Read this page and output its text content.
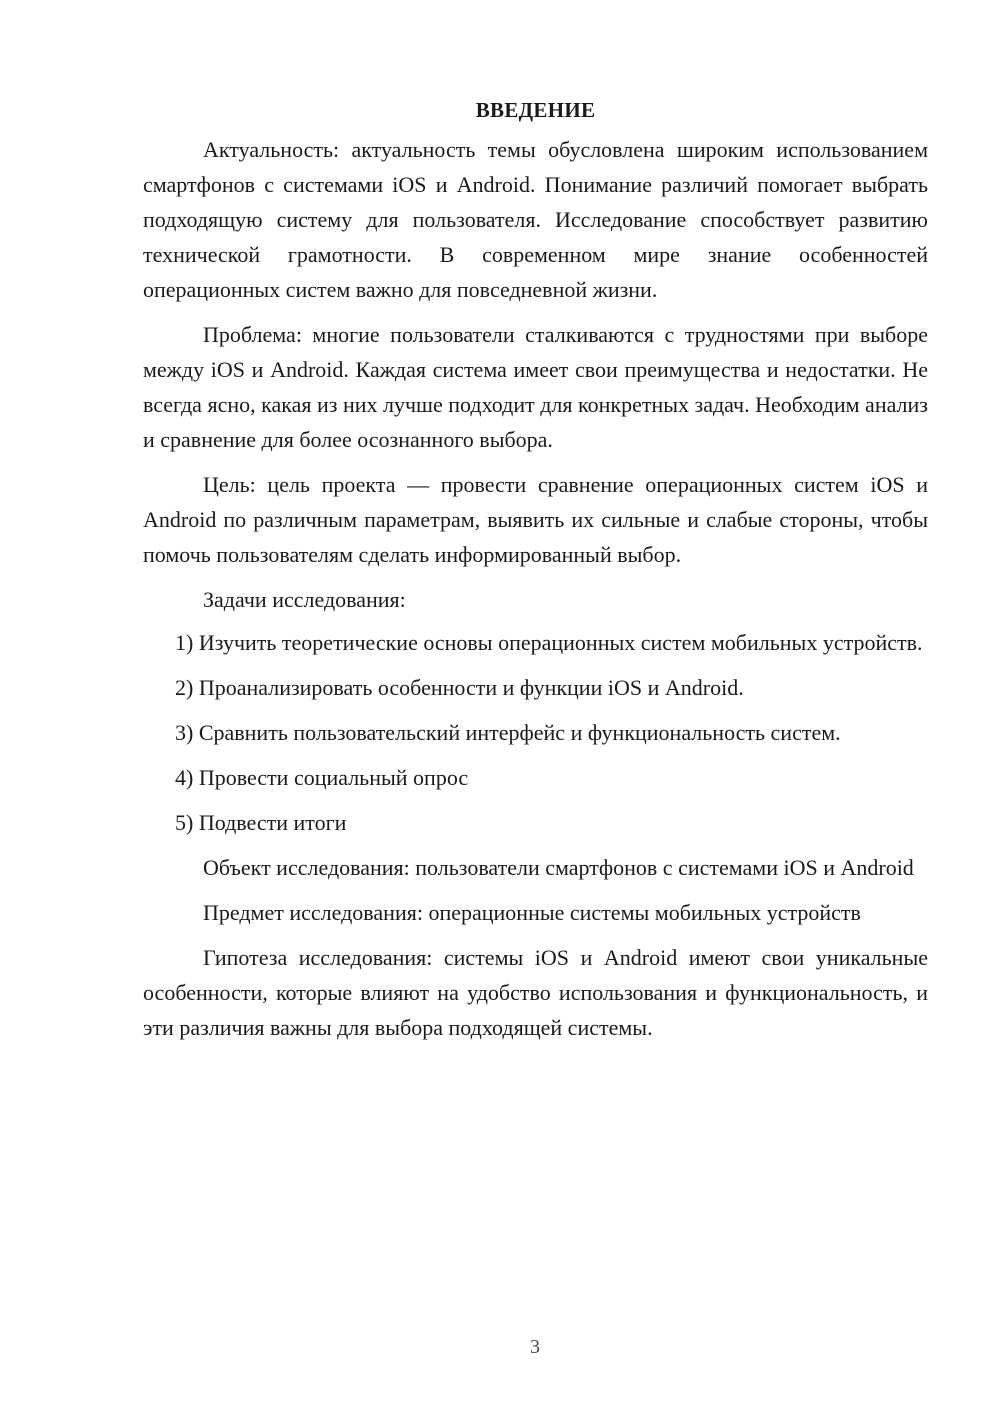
ВВЕДЕНИЕ

Актуальность: актуальность темы обусловлена широким использованием смартфонов с системами iOS и Android. Понимание различий помогает выбрать подходящую систему для пользователя. Исследование способствует развитию технической грамотности. В современном мире знание особенностей операционных систем важно для повседневной жизни.

Проблема: многие пользователи сталкиваются с трудностями при выборе между iOS и Android. Каждая система имеет свои преимущества и недостатки. Не всегда ясно, какая из них лучше подходит для конкретных задач. Необходим анализ и сравнение для более осознанного выбора.

Цель: цель проекта — провести сравнение операционных систем iOS и Android по различным параметрам, выявить их сильные и слабые стороны, чтобы помочь пользователям сделать информированный выбор.

Задачи исследования:

1) Изучить теоретические основы операционных систем мобильных устройств.

2) Проанализировать особенности и функции iOS и Android.

3) Сравнить пользовательский интерфейс и функциональность систем.

4) Провести социальный опрос

5) Подвести итоги

Объект исследования: пользователи смартфонов с системами iOS и Android

Предмет исследования: операционные системы мобильных устройств

Гипотеза исследования: системы iOS и Android имеют свои уникальные особенности, которые влияют на удобство использования и функциональность, и эти различия важны для выбора подходящей системы.

3
